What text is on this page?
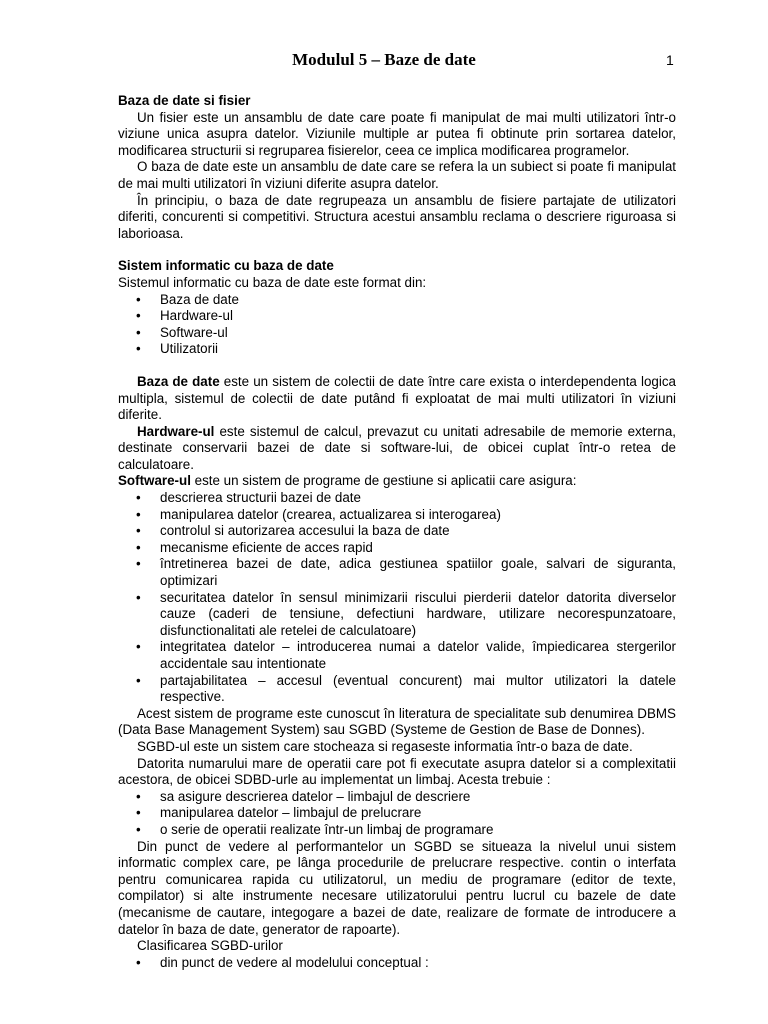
Modulul 5 – Baze de date	1
Baza de date si fisier

Un fisier este un ansamblu de date care poate fi manipulat de mai multi utilizatori într-o viziune unica asupra datelor. Viziunile multiple ar putea fi obtinute prin sortarea datelor, modificarea structurii si regruparea fisierelor, ceea ce implica modificarea programelor.

O baza de date este un ansamblu de date care se refera la un subiect si poate fi manipulat de mai multi utilizatori în viziuni diferite asupra datelor.

În principiu, o baza de date regrupeaza un ansamblu de fisiere partajate de utilizatori diferiti, concurenti si competitivi. Structura acestui ansamblu reclama o descriere riguroasa si laborioasa.

Sistem informatic cu baza de date

Sistemul informatic cu baza de date este format din:

• Baza de date
• Hardware-ul
• Software-ul
• Utilizatorii

Baza de date este un sistem de colectii de date între care exista o interdependenta logica multipla, sistemul de colectii de date putând fi exploatat de mai multi utilizatori în viziuni diferite.

Hardware-ul este sistemul de calcul, prevazut cu unitati adresabile de memorie externa, destinate conservarii bazei de date si software-lui, de obicei cuplat într-o retea de calculatoare.

Software-ul este un sistem de programe de gestiune si aplicatii care asigura:

• descrierea structurii bazei de date
• manipularea datelor (crearea, actualizarea si interogarea)
• controlul si autorizarea accesului la baza de date
• mecanisme eficiente de acces rapid
• întretinerea bazei de date, adica gestiunea spatiilor goale, salvari de siguranta, optimizari
• securitatea datelor în sensul minimizarii riscului pierderii datelor datorita diverselor cauze (caderi de tensiune, defectiuni hardware, utilizare necorespunzatoare, disfunctionalitati ale retelei de calculatoare)
• integritatea datelor – introducerea numai a datelor valide, împiedicarea stergerilor accidentale sau intentionate
• partajabilitatea – accesul (eventual concurent) mai multor utilizatori la datele respective.

Acest sistem de programe este cunoscut în literatura de specialitate sub denumirea DBMS (Data Base Management System) sau SGBD (Systeme de Gestion de Base de Donnes).

SGBD-ul este un sistem care stocheaza si regaseste informatia într-o baza de date.

Datorita numarului mare de operatii care pot fi executate asupra datelor si a complexitatii acestora, de obicei SDBD-urle au implementat un limbaj. Acesta trebuie :

• sa asigure descrierea datelor – limbajul de descriere
• manipularea datelor – limbajul de prelucrare
• o serie de operatii realizate într-un limbaj de programare

Din punct de vedere al performantelor un SGBD se situeaza la nivelul unui sistem informatic complex care, pe lânga procedurile de prelucrare respective. contin o interfata pentru comunicarea rapida cu utilizatorul, un mediu de programare (editor de texte, compilator) si alte instrumente necesare utilizatorului pentru lucrul cu bazele de date (mecanisme de cautare, integogare a bazei de date, realizare de formate de introducere a datelor în baza de date, generator de rapoarte).

Clasificarea SGBD-urilor

• din punct de vedere al modelului conceptual :
